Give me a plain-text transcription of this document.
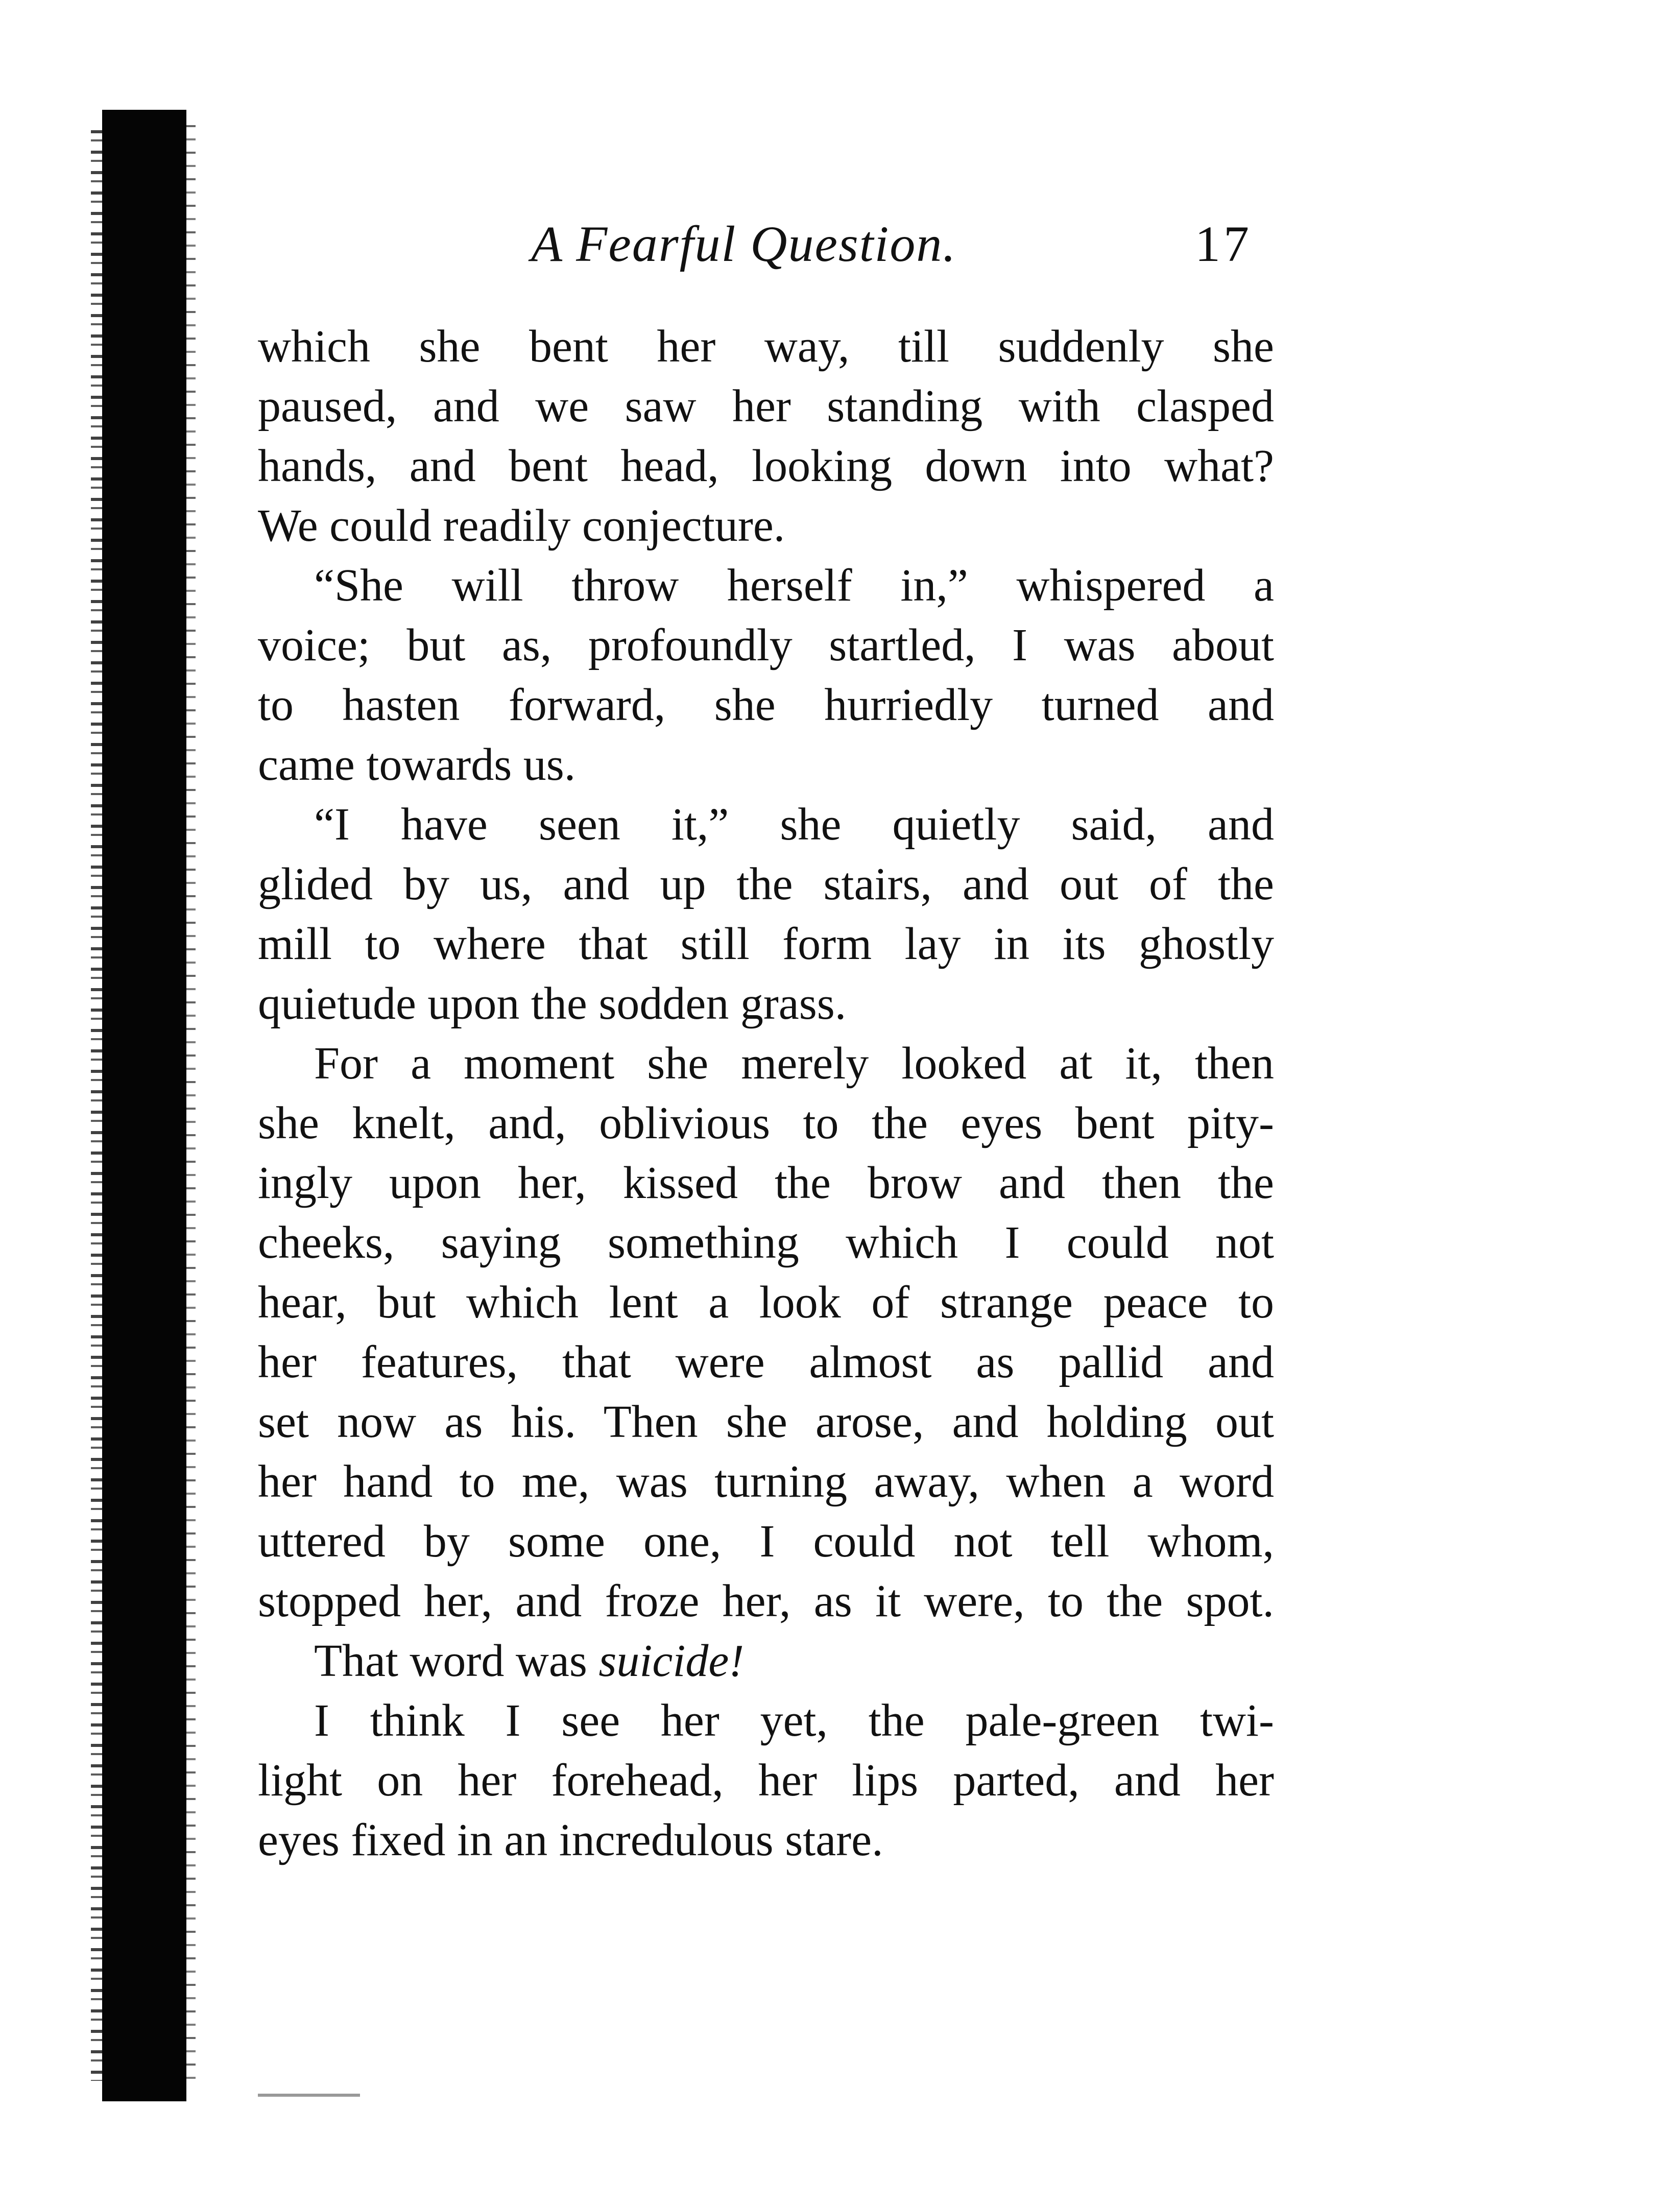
A Fearful Question.	17
which she bent her way, till suddenly she
paused, and we saw her standing with clasped
hands, and bent head, looking down into what?
We could readily conjecture.
“She will throw herself in,” whispered a
voice; but as, profoundly startled, I was about
to hasten forward, she hurriedly turned and
came towards us.
“I have seen it,” she quietly said, and
glided by us, and up the stairs, and out of the
mill to where that still form lay in its ghostly
quietude upon the sodden grass.
For a moment she merely looked at it, then
she knelt, and, oblivious to the eyes bent pity-
ingly upon her, kissed the brow and then the
cheeks, saying something which I could not
hear, but which lent a look of strange peace to
her features, that were almost as pallid and
set now as his. Then she arose, and holding out
her hand to me, was turning away, when a word
uttered by some one, I could not tell whom,
stopped her, and froze her, as it were, to the spot.
That word was suicide!
I think I see her yet, the pale-green twi-
light on her forehead, her lips parted, and her
eyes fixed in an incredulous stare.
